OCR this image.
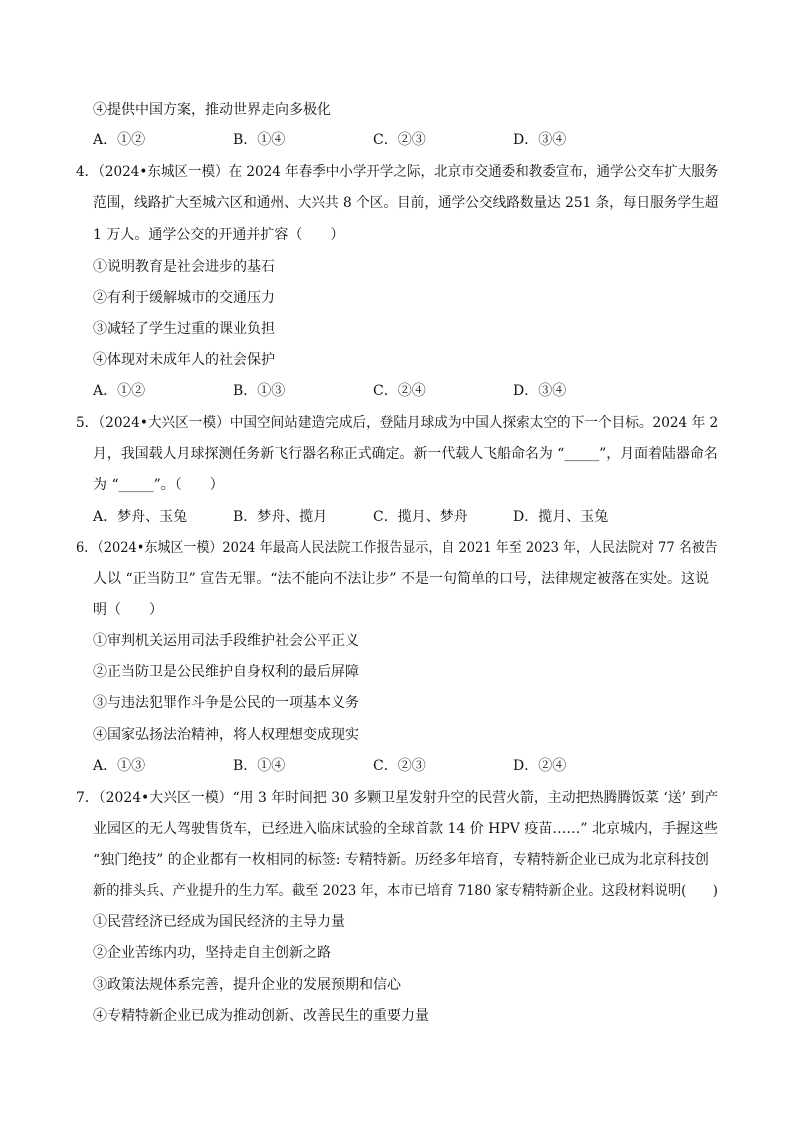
④提供中国方案，推动世界走向多极化
A．①②	B．①④	C．②③	D．③④
4．（2024•东城区一模）在 2024 年春季中小学开学之际，北京市交通委和教委宣布，通学公交车扩大服务
范围，线路扩大至城六区和通州、大兴共 8 个区。目前，通学公交线路数量达 251 条，每日服务学生超
1 万人。通学公交的开通并扩容（　　）
①说明教育是社会进步的基石
②有利于缓解城市的交通压力
③减轻了学生过重的课业负担
④体现对未成年人的社会保护
A．①②	B．①③	C．②④	D．③④
5．（2024•大兴区一模）中国空间站建造完成后，登陆月球成为中国人探索太空的下一个目标。2024 年 2
月，我国载人月球探测任务新飞行器名称正式确定。新一代载人飞船命名为 “_____”，月面着陆器命名
为 “_____”。（　　）
A．梦舟、玉兔	B．梦舟、揽月	C．揽月、梦舟	D．揽月、玉兔
6．（2024•东城区一模）2024 年最高人民法院工作报告显示，自 2021 年至 2023 年，人民法院对 77 名被告
人以 “正当防卫” 宣告无罪。“法不能向不法让步” 不是一句简单的口号，法律规定被落在实处。这说
明（　　）
①审判机关运用司法手段维护社会公平正义
②正当防卫是公民维护自身权利的最后屏障
③与违法犯罪作斗争是公民的一项基本义务
④国家弘扬法治精神，将人权理想变成现实
A．①③	B．①④	C．②③	D．②④
7．（2024•大兴区一模）“用 3 年时间把 30 多颗卫星发射升空的民营火箭，主动把热腾腾饭菜 ‘送’ 到产
业园区的无人驾驶售货车，已经进入临床试验的全球首款 14 价 HPV 疫苗……” 北京城内，手握这些
“独门绝技” 的企业都有一枚相同的标签: 专精特新。历经多年培育，专精特新企业已成为北京科技创
新的排头兵、产业提升的生力军。截至 2023 年，本市已培育 7180 家专精特新企业。这段材料说明(　　)
①民营经济已经成为国民经济的主导力量
②企业苦练内功，坚持走自主创新之路
③政策法规体系完善，提升企业的发展预期和信心
④专精特新企业已成为推动创新、改善民生的重要力量
